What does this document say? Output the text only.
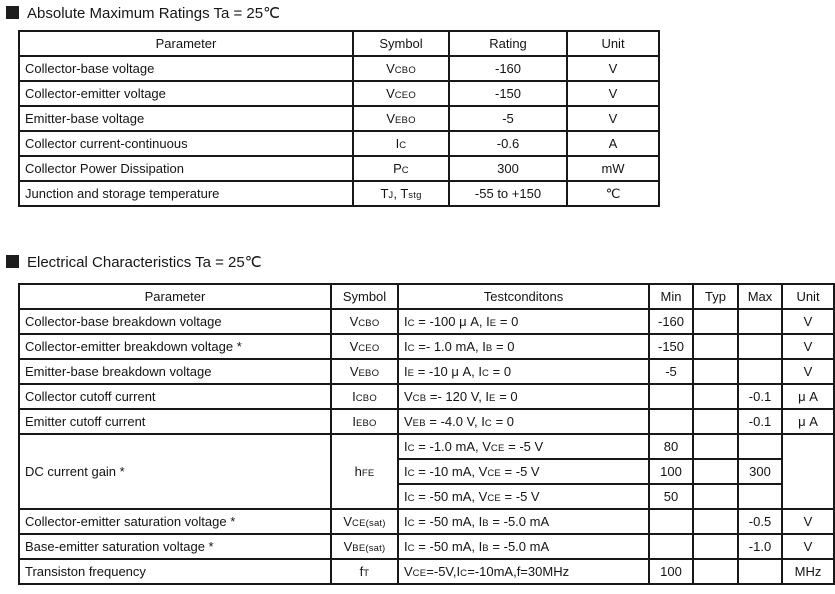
Absolute Maximum Ratings Ta = 25℃
Parameter	Symbol	Rating	Unit
Collector-base voltage	VCBO	-160	V
Collector-emitter voltage	VCEO	-150	V
Emitter-base voltage	VEBO	-5	V
Collector current-continuous	IC	-0.6	A
Collector Power Dissipation	PC	300	mW
Junction and storage temperature	TJ, Tstg	-55 to +150	℃
Electrical Characteristics Ta = 25℃
Parameter	Symbol	Testconditons	Min	Typ	Max	Unit
Collector-base breakdown voltage	VCBO	IC = -100 μ A, IE = 0	-160			V
Collector-emitter breakdown voltage *	VCEO	IC =- 1.0 mA, IB = 0	-150			V
Emitter-base breakdown voltage	VEBO	IE = -10 μ A, IC = 0	-5			V
Collector cutoff current	ICBO	VCB =- 120 V, IE = 0			-0.1	μ A
Emitter cutoff current	IEBO	VEB = -4.0 V, IC = 0			-0.1	μ A
DC current gain *	hFE	IC = -1.0 mA, VCE = -5 V	80			
		IC = -10 mA, VCE = -5 V	100		300	
		IC = -50 mA, VCE = -5 V	50			
Collector-emitter saturation voltage *	VCE(sat)	IC = -50 mA, IB = -5.0 mA			-0.5	V
Base-emitter saturation voltage *	VBE(sat)	IC = -50 mA, IB = -5.0 mA			-1.0	V
Transiston frequency	fT	VCE=-5V,IC=-10mA,f=30MHz	100			MHz
